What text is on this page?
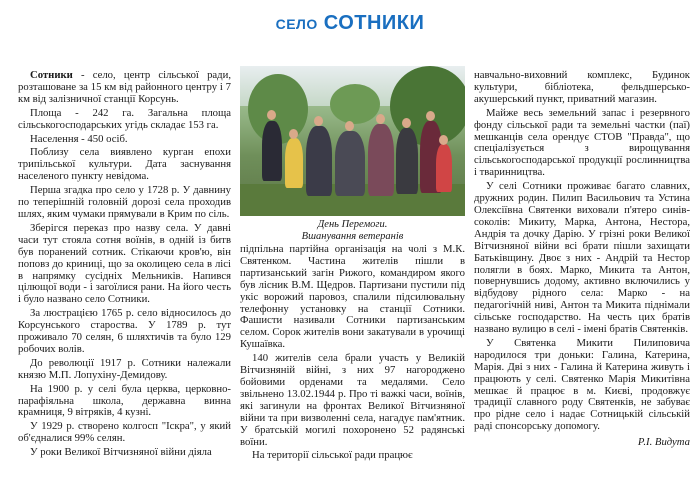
СЕЛО СОТНИКИ

Сотники - село, центр сільської ради, розташоване за 15 км від районного центру і 7 км від залізничної станції Корсунь.

Площа - 242 га. Загальна площа сільськогосподарських угідь складає 153 га.

Населення - 450 осіб.

Поблизу села виявлено курган епохи трипільської культури. Дата заснування населеного пункту невідома.

Перша згадка про село у 1728 р. У давнину по теперішній головній дорозі села проходив шлях, яким чумаки прямували в Крим по сіль.

Зберігся переказ про назву села. У давні часи тут стояла сотня воїнів, в одній із битв був поранений сотник. Стікаючи кров'ю, він поповз до криниці, що за околицею села в лісі в напрямку сусідніх Мельників. Напився цілющої води - і загоїлися рани. На його честь і було названо село Сотники.

За люстрацією 1765 р. село відносилось до Корсунського староства. У 1789 р. тут проживало 70 селян, 6 шляхтичів та було 129 робочих волів.

До революції 1917 р. Сотники належали князю М.П. Лопухіну-Демидову.

На 1900 р. у селі була церква, церковно-парафіяльна школа, державна винна крамниця, 9 вітряків, 4 кузні.

У 1929 р. створено колгосп "Іскра", у який об'єдналися 99% селян.

У роки Великої Вітчизняної війни діяла

День Перемоги.
Вшанування ветеранів

підпільна партійна організація на чолі з М.К. Святенком. Частина жителів пішли в партизанський загін Рижого, командиром якого був лісник В.М. Щедров. Партизани пустили під укіс ворожий паровоз, спалили підсилювальну телефонну установку на станції Сотники. Фашисти називали Сотники партизанським селом. Сорок жителів вони закатували в урочищі Кушаївка.

140 жителів села брали участь у Великій Вітчизняній війні, з них 97 нагороджено бойовими орденами та медалями. Село звільнено 13.02.1944 р. Про ті важкі часи, воїнів, які загинули на фронтах Великої Вітчизняної війни та при визволенні села, нагадує пам'ятник. У братській могилі похоронено 52 радянські воїни.

На території сільської ради працює

навчально-виховний комплекс, Будинок культури, бібліотека, фельдшерсько-акушерський пункт, приватний магазин.

Майже весь земельний запас і резервного фонду сільської ради та земельні частки (паї) мешканців села орендує СТОВ "Правда", що спеціалізується з вирощування сільськогосподарської продукції рослинництва і тваринництва.

У селі Сотники проживає багато славних, дружних родин. Пилип Васильович та Устина Олексіївна Святенки виховали п'ятеро синів-соколів: Микиту, Марка, Антона, Нестора, Андрія та дочку Дарію. У грізні роки Великої Вітчизняної війни всі брати пішли захищати Батьківщину. Двоє з них - Андрій та Нестор полягли в боях. Марко, Микита та Антон, повернувшись додому, активно включились у відбудову рідного села: Марко - на педагогічній ниві, Антон та Микита піднімали сільське господарство. На честь цих братів названо вулицю в селі - імені братів Святенків.

У Святенка Микити Пилиповича народилося три доньки: Галина, Катерина, Марія. Дві з них - Галина й Катерина живуть і працюють у селі. Святенко Марія Микитівна мешкає й працює в м. Києві, продовжує традиції славного роду Святенків, не забуває про рідне село і надає Сотницькій сільській раді спонсорську допомогу.

Р.І. Видута
